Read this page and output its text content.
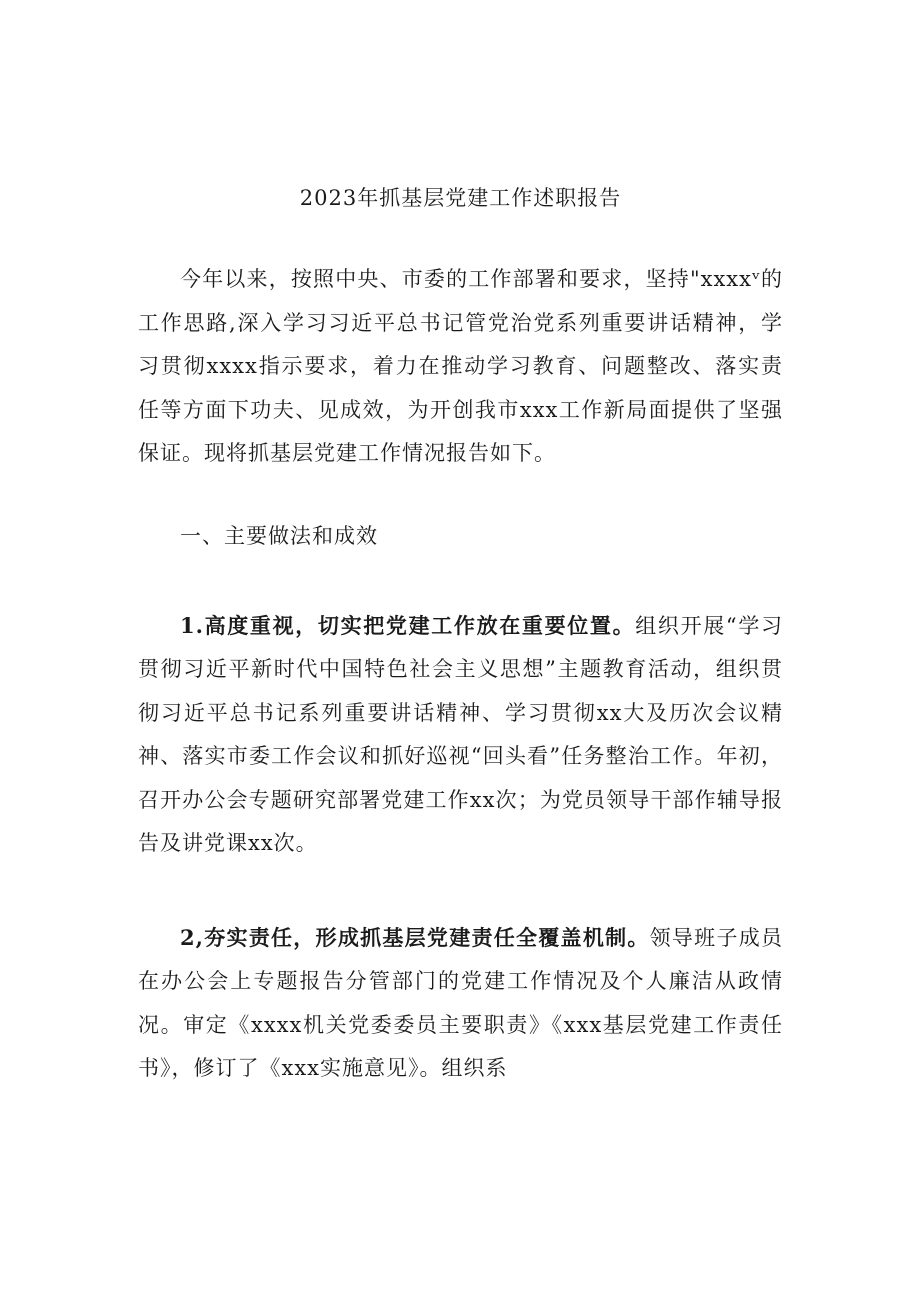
2023年抓基层党建工作述职报告

今年以来，按照中央、市委的工作部署和要求，坚持"xxxxᵛ的工作思路,深入学习习近平总书记管党治党系列重要讲话精神，学习贯彻xxxx指示要求，着力在推动学习教育、问题整改、落实责任等方面下功夫、见成效，为开创我市xxx工作新局面提供了坚强保证。现将抓基层党建工作情况报告如下。

一、主要做法和成效

1.高度重视，切实把党建工作放在重要位置。组织开展“学习贯彻习近平新时代中国特色社会主义思想”主题教育活动，组织贯彻习近平总书记系列重要讲话精神、学习贯彻xx大及历次会议精神、落实市委工作会议和抓好巡视“回头看”任务整治工作。年初，召开办公会专题研究部署党建工作xx次；为党员领导干部作辅导报告及讲党课xx次。

2,夯实责任，形成抓基层党建责任全覆盖机制。领导班子成员在办公会上专题报告分管部门的党建工作情况及个人廉洁从政情况。审定《xxxx机关党委委员主要职责》《xxx基层党建工作责任书》，修订了《xxx实施意见》。组织系
